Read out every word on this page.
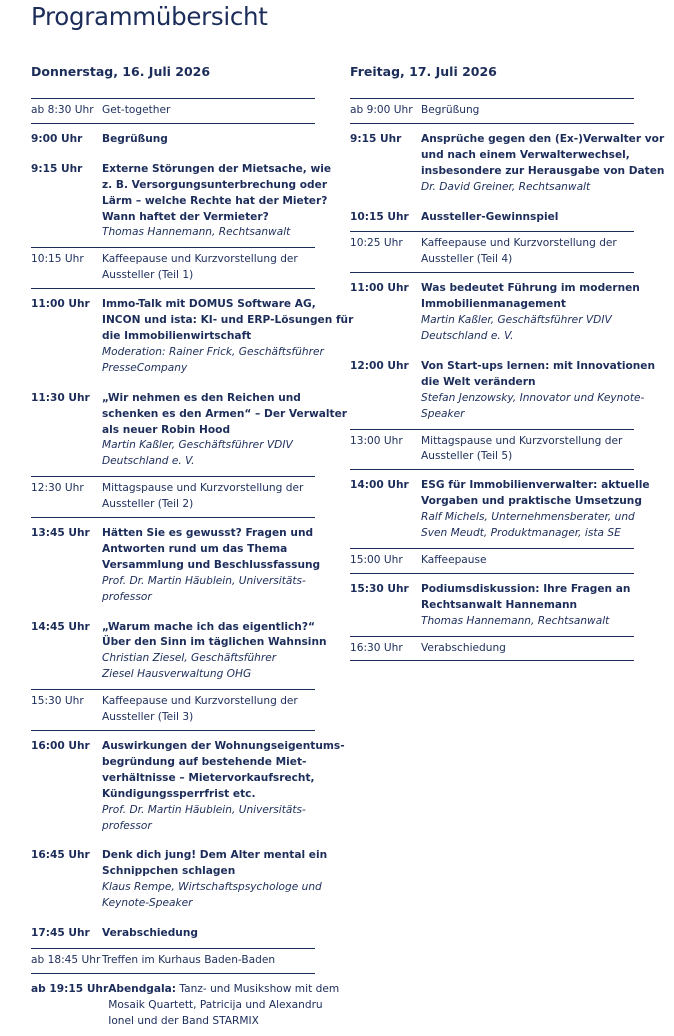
Programmübersicht
Donnerstag, 16. Juli 2026
ab 8:30 Uhr Get-together
9:00 Uhr	Begrüßung
9:15 Uhr	Externe Störungen der Mietsache, wie
z. B. Versorgungsunterbrechung oder
Lärm – welche Rechte hat der Mieter?
Wann haftet der Vermieter?
Thomas Hannemann, Rechtsanwalt
10:15 Uhr	Kaffeepause und Kurzvorstellung der
Aussteller (Teil 1)
11:00 Uhr	Immo-Talk mit DOMUS Software AG,
INCON und ista: KI- und ERP-Lösungen für
die Immobilienwirtschaft
Moderation: Rainer Frick, Geschäftsführer
PresseCompany
11:30 Uhr	„Wir nehmen es den Reichen und
schenken es den Armen“ – Der Verwalter
als neuer Robin Hood
Martin Kaßler, Geschäftsführer VDIV
Deutschland e. V.
12:30 Uhr	Mittagspause und Kurzvorstellung der
Aussteller (Teil 2)
13:45 Uhr	Hätten Sie es gewusst? Fragen und
Antworten rund um das Thema
Versammlung und Beschlussfassung
Prof. Dr. Martin Häublein, Universitäts-
professor
14:45 Uhr	„Warum mache ich das eigentlich?“
Über den Sinn im täglichen Wahnsinn
Christian Ziesel, Geschäftsführer
Ziesel Hausverwaltung OHG
15:30 Uhr	Kaffeepause und Kurzvorstellung der
Aussteller (Teil 3)
16:00 Uhr	Auswirkungen der Wohnungseigentums-
begründung auf bestehende Miet-
verhältnisse – Mietervorkaufsrecht,
Kündigungssperrfrist etc.
Prof. Dr. Martin Häublein, Universitäts-
professor
16:45 Uhr	Denk dich jung! Dem Alter mental ein
Schnippchen schlagen
Klaus Rempe, Wirtschaftspsychologe und
Keynote-Speaker
17:45 Uhr	Verabschiedung
ab 18:45 Uhr Treffen im Kurhaus Baden-Baden
ab 19:15 Uhr Abendgala: Tanz- und Musikshow mit dem
Mosaik Quartett, Patricija und Alexandru
Ionel und der Band STARMIX
Freitag, 17. Juli 2026
ab 9:00 Uhr Begrüßung
9:15 Uhr	Ansprüche gegen den (Ex-)Verwalter vor
und nach einem Verwalterwechsel,
insbesondere zur Herausgabe von Daten
Dr. David Greiner, Rechtsanwalt
10:15 Uhr	Aussteller-Gewinnspiel
10:25 Uhr	Kaffeepause und Kurzvorstellung der
Aussteller (Teil 4)
11:00 Uhr	Was bedeutet Führung im modernen
Immobilienmanagement
Martin Kaßler, Geschäftsführer VDIV
Deutschland e. V.
12:00 Uhr	Von Start-ups lernen: mit Innovationen
die Welt verändern
Stefan Jenzowsky, Innovator und Keynote-
Speaker
13:00 Uhr	Mittagspause und Kurzvorstellung der
Aussteller (Teil 5)
14:00 Uhr	ESG für Immobilienverwalter: aktuelle
Vorgaben und praktische Umsetzung
Ralf Michels, Unternehmensberater, und
Sven Meudt, Produktmanager, ista SE
15:00 Uhr	Kaffeepause
15:30 Uhr	Podiumsdiskussion: Ihre Fragen an
Rechtsanwalt Hannemann
Thomas Hannemann, Rechtsanwalt
16:30 Uhr	Verabschiedung
